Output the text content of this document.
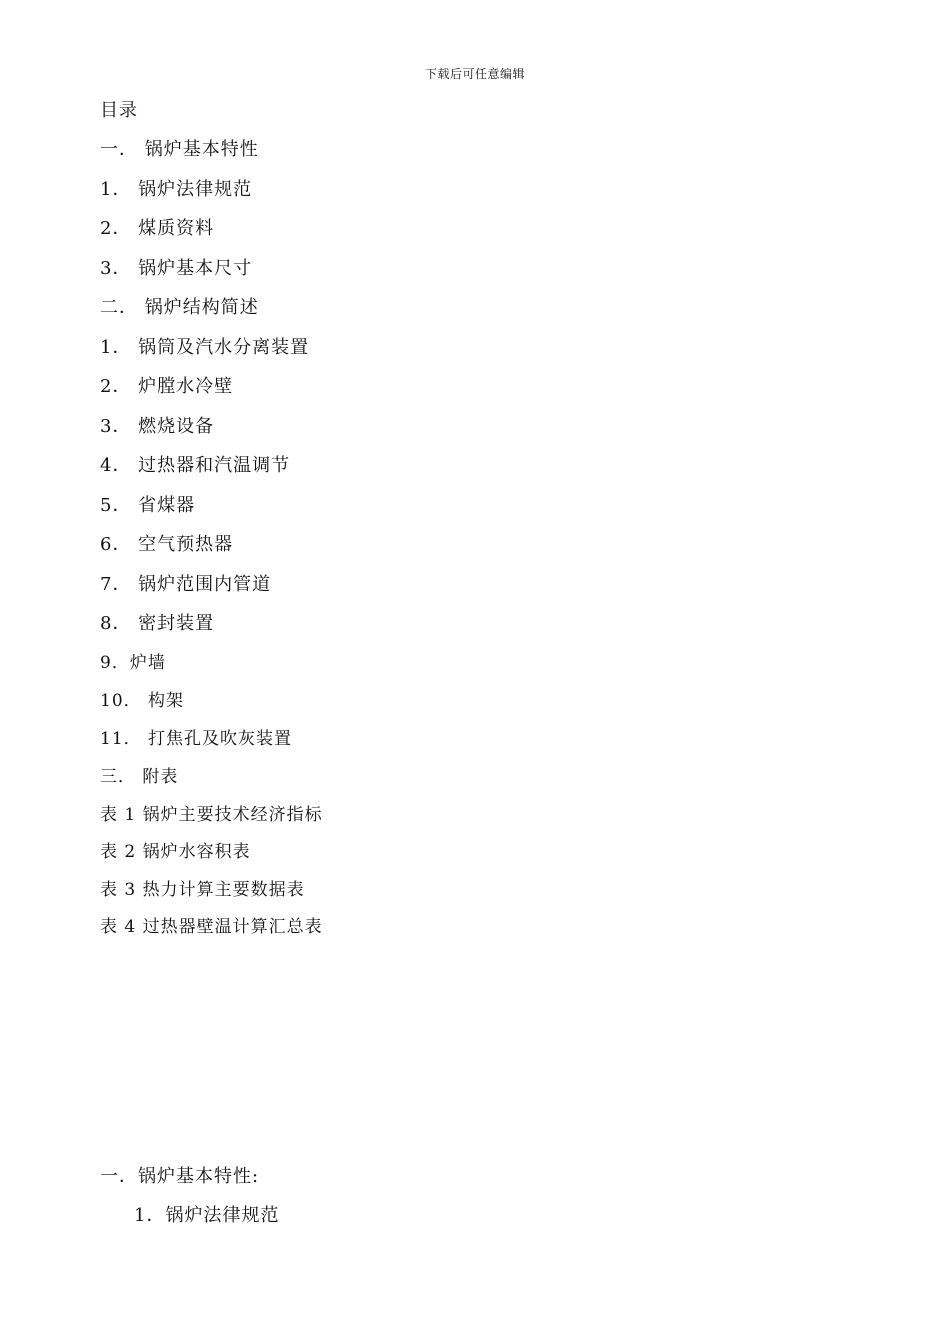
下载后可任意编辑
目录
一． 锅炉基本特性
1． 锅炉法律规范
2． 煤质资料
3． 锅炉基本尺寸
二． 锅炉结构简述
1． 锅筒及汽水分离装置
2． 炉膛水冷壁
3． 燃烧设备
4． 过热器和汽温调节
5． 省煤器
6． 空气预热器
7． 锅炉范围内管道
8． 密封装置
9．炉墙
10． 构架
11． 打焦孔及吹灰装置
三． 附表
表 1 锅炉主要技术经济指标
表 2 锅炉水容积表
表 3 热力计算主要数据表
表 4 过热器壁温计算汇总表
一．锅炉基本特性:
1．锅炉法律规范
